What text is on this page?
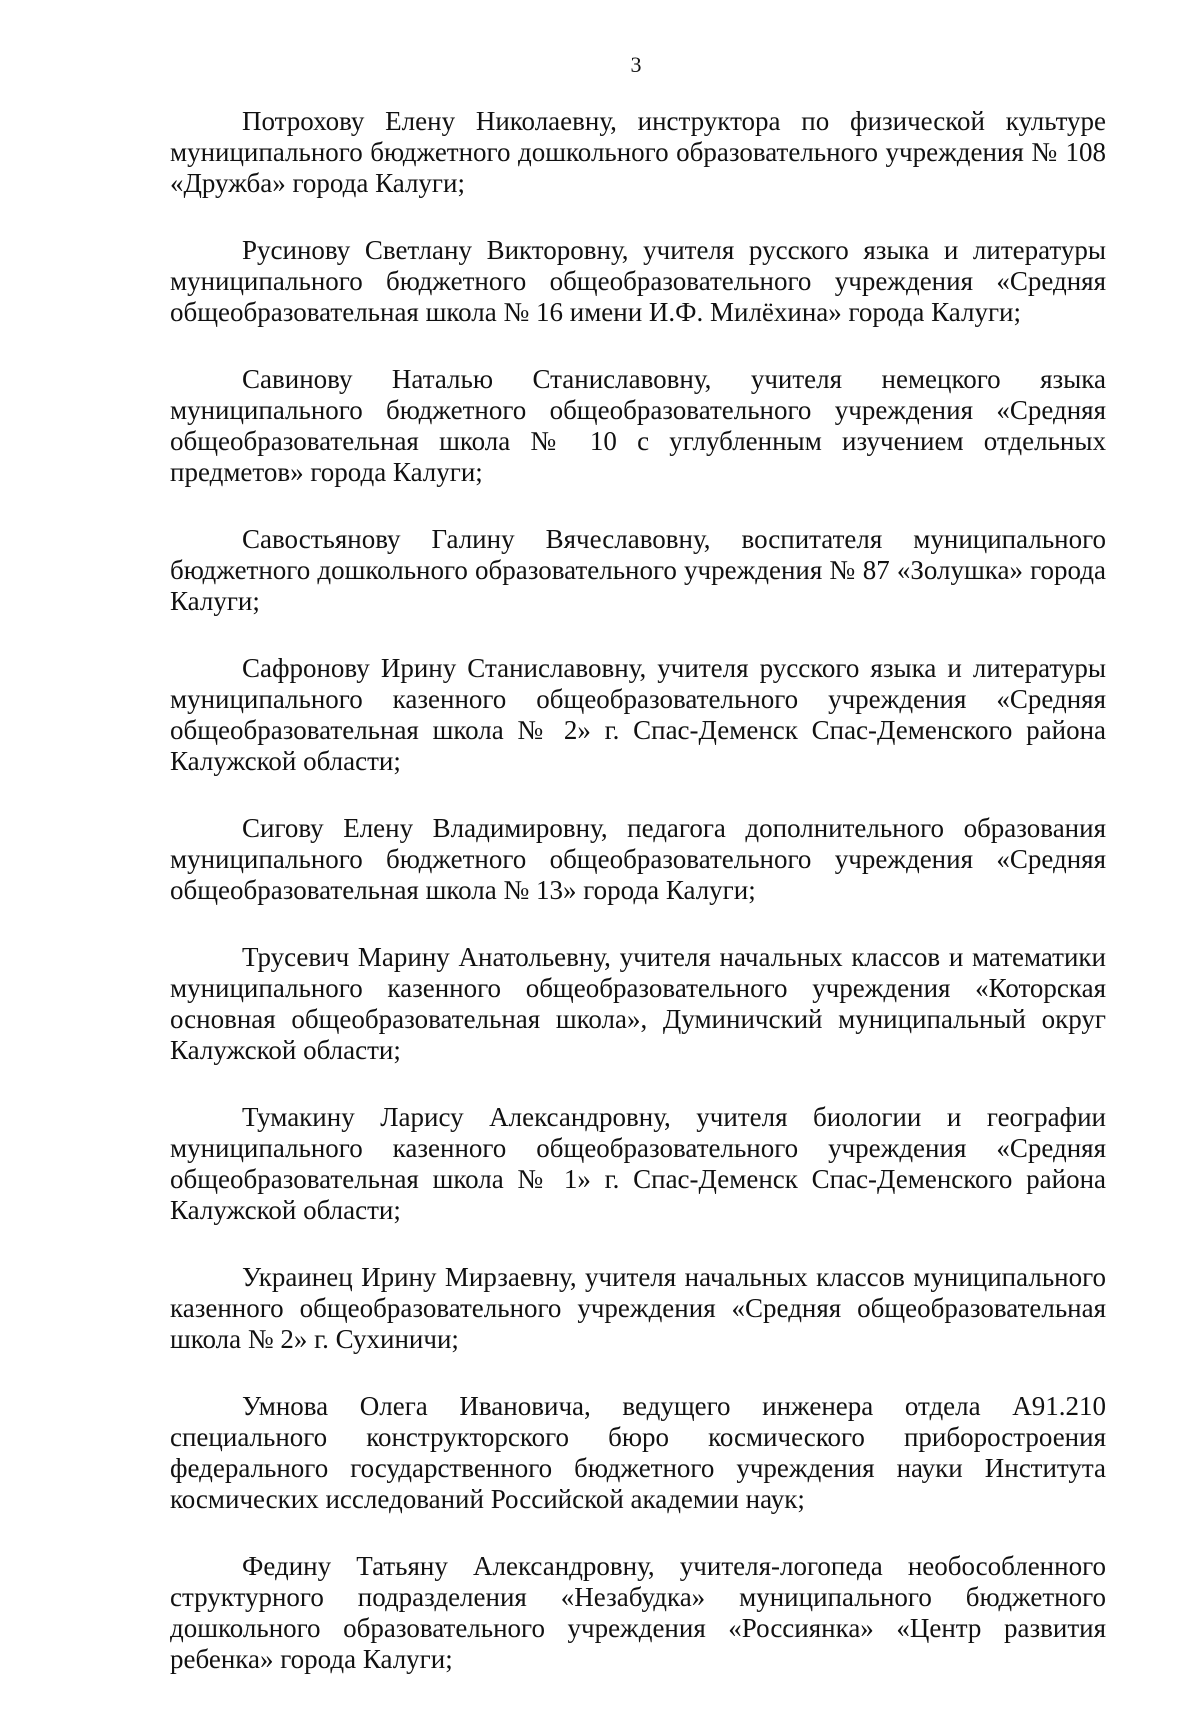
3

Потрохову Елену Николаевну, инструктора по физической культуре муниципального бюджетного дошкольного образовательного учреждения № 108 «Дружба» города Калуги;

Русинову Светлану Викторовну, учителя русского языка и литературы муниципального бюджетного общеобразовательного учреждения «Средняя общеобразовательная школа № 16 имени И.Ф. Милёхина» города Калуги;

Савинову Наталью Станиславовну, учителя немецкого языка муниципального бюджетного общеобразовательного учреждения «Средняя общеобразовательная школа № 10 с углубленным изучением отдельных предметов» города Калуги;

Савостьянову Галину Вячеславовну, воспитателя муниципального бюджетного дошкольного образовательного учреждения № 87 «Золушка» города Калуги;

Сафронову Ирину Станиславовну, учителя русского языка и литературы муниципального казенного общеобразовательного учреждения «Средняя общеобразовательная школа № 2» г. Спас-Деменск Спас-Деменского района Калужской области;

Сигову Елену Владимировну, педагога дополнительного образования муниципального бюджетного общеобразовательного учреждения «Средняя общеобразовательная школа № 13» города Калуги;

Трусевич Марину Анатольевну, учителя начальных классов и математики муниципального казенного общеобразовательного учреждения «Которская основная общеобразовательная школа», Думиничский муниципальный округ Калужской области;

Тумакину Ларису Александровну, учителя биологии и географии муниципального казенного общеобразовательного учреждения «Средняя общеобразовательная школа № 1» г. Спас-Деменск Спас-Деменского района Калужской области;

Украинец Ирину Мирзаевну, учителя начальных классов муниципального казенного общеобразовательного учреждения «Средняя общеобразовательная школа № 2» г. Сухиничи;

Умнова Олега Ивановича, ведущего инженера отдела А91.210 специального конструкторского бюро космического приборостроения федерального государственного бюджетного учреждения науки Института космических исследований Российской академии наук;

Федину Татьяну Александровну, учителя-логопеда необособленного структурного подразделения «Незабудка» муниципального бюджетного дошкольного образовательного учреждения «Россиянка» «Центр развития ребенка» города Калуги;
